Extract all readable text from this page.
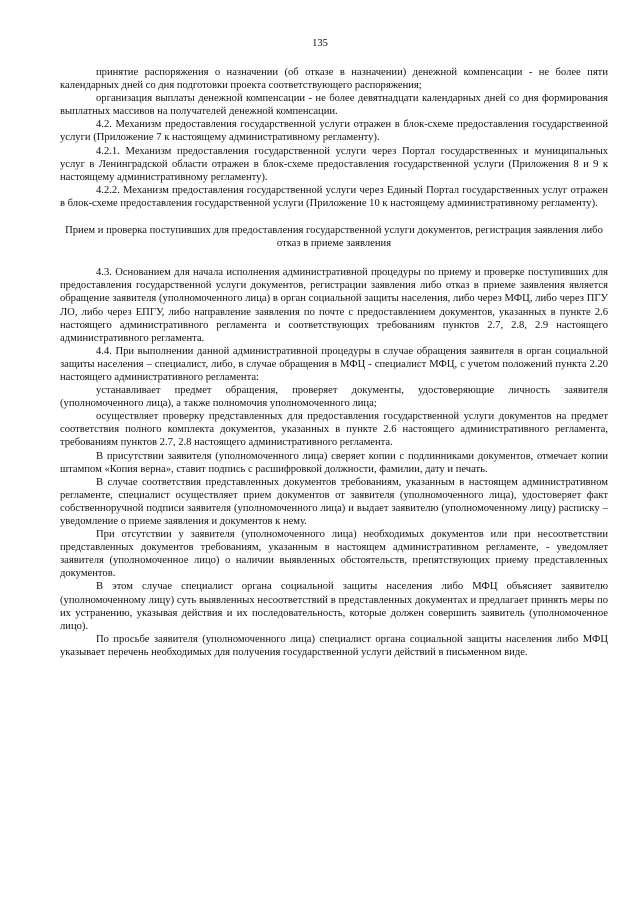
135

принятие распоряжения о назначении (об отказе в назначении) денежной компенсации - не более пяти календарных дней со дня подготовки проекта соответствующего распоряжения;

организация выплаты денежной компенсации - не более девятнадцати календарных дней со дня формирования выплатных массивов на получателей денежной компенсации.

4.2. Механизм предоставления государственной услуги отражен в блок-схеме предоставления государственной услуги (Приложение 7 к настоящему административному регламенту).

4.2.1. Механизм предоставления государственной услуги через Портал государственных и муниципальных услуг в Ленинградской области отражен в блок-схеме предоставления государственной услуги (Приложения 8 и 9 к настоящему административному регламенту).

4.2.2. Механизм предоставления государственной услуги через Единый Портал государственных услуг отражен в блок-схеме предоставления государственной услуги (Приложение 10 к настоящему административному регламенту).

Прием и проверка поступивших для предоставления государственной услуги документов, регистрация заявления либо отказ в приеме заявления

4.3. Основанием для начала исполнения административной процедуры по приему и проверке поступивших для предоставления государственной услуги документов, регистрации заявления либо отказ в приеме заявления является обращение заявителя (уполномоченного лица) в орган социальной защиты населения, либо через МФЦ, либо через ПГУ ЛО, либо через ЕПГУ, либо направление заявления по почте с предоставлением документов, указанных в пункте 2.6 настоящего административного регламента и соответствующих требованиям пунктов 2.7, 2.8, 2.9 настоящего административного регламента.

4.4. При выполнении данной административной процедуры в случае обращения заявителя в орган социальной защиты населения – специалист, либо, в случае обращения в МФЦ - специалист МФЦ, с учетом положений пункта 2.20 настоящего административного регламента:

устанавливает предмет обращения, проверяет документы, удостоверяющие личность заявителя (уполномоченного лица), а также полномочия уполномоченного лица;

осуществляет проверку представленных для предоставления государственной услуги документов на предмет соответствия полного комплекта документов, указанных в пункте 2.6 настоящего административного регламента, требованиям пунктов 2.7, 2.8 настоящего административного регламента.

В присутствии заявителя (уполномоченного лица) сверяет копии с подлинниками документов, отмечает копии штампом «Копия верна», ставит подпись с расшифровкой должности, фамилии, дату и печать.

В случае соответствия представленных документов требованиям, указанным в настоящем административном регламенте, специалист осуществляет прием документов от заявителя (уполномоченного лица), удостоверяет факт собственноручной подписи заявителя (уполномоченного лица) и выдает заявителю (уполномоченному лицу) расписку – уведомление о приеме заявления и документов к нему.

При отсутствии у заявителя (уполномоченного лица) необходимых документов или при несоответствии представленных документов требованиям, указанным в настоящем административном регламенте, - уведомляет заявителя (уполномоченное лицо) о наличии выявленных обстоятельств, препятствующих приему представленных документов.

В этом случае специалист органа социальной защиты населения либо МФЦ объясняет заявителю (уполномоченному лицу) суть выявленных несоответствий в представленных документах и предлагает принять меры по их устранению, указывая действия и их последовательность, которые должен совершить заявитель (уполномоченное лицо).

По просьбе заявителя (уполномоченного лица) специалист органа социальной защиты населения либо МФЦ указывает перечень необходимых для получения государственной услуги действий в письменном виде.
